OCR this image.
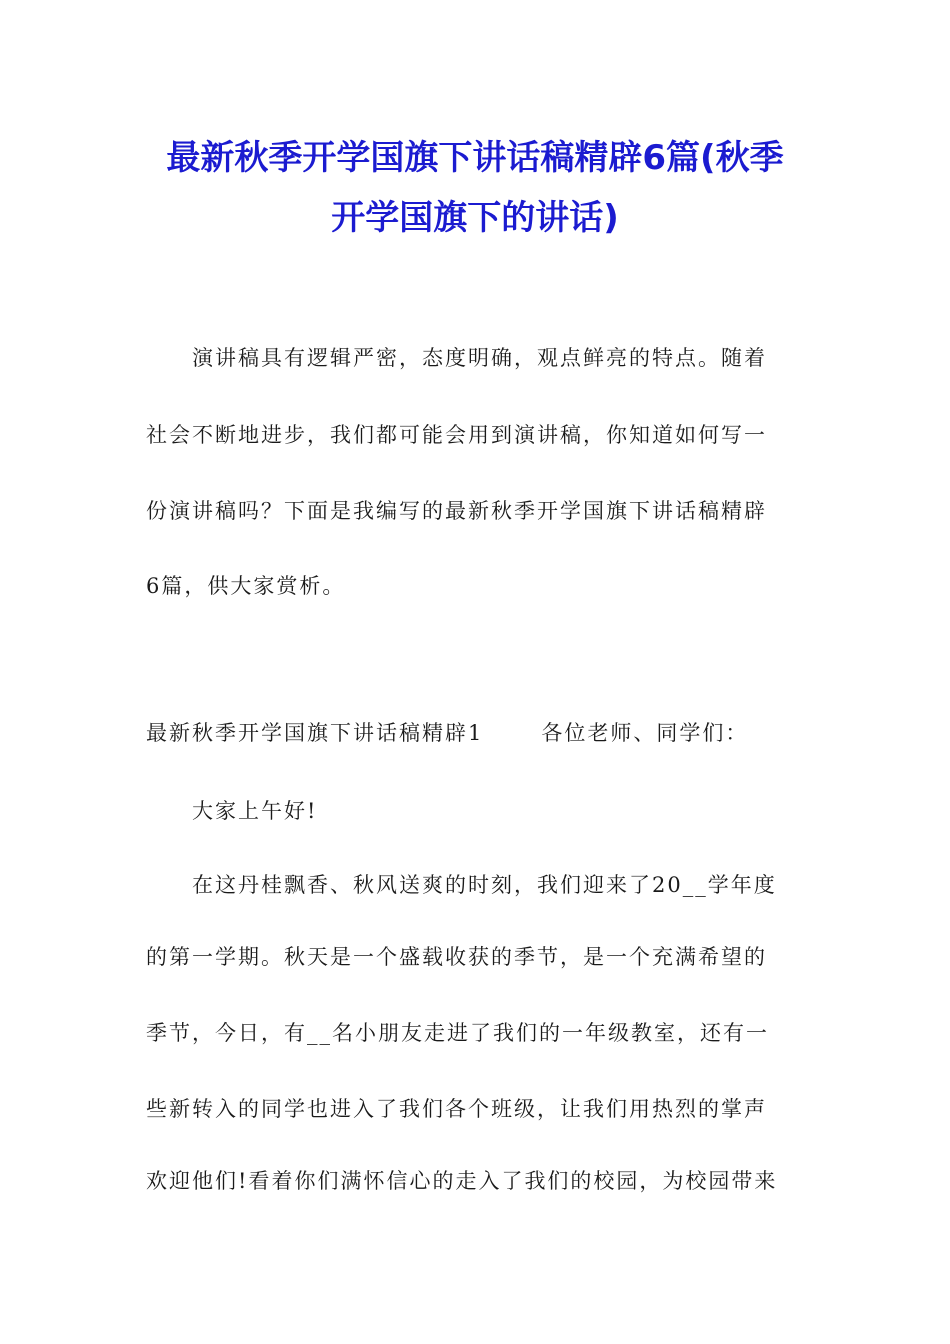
最新秋季开学国旗下讲话稿精辟6篇(秋季
开学国旗下的讲话)
演讲稿具有逻辑严密，态度明确，观点鲜亮的特点。随着
社会不断地进步，我们都可能会用到演讲稿，你知道如何写一
份演讲稿吗？下面是我编写的最新秋季开学国旗下讲话稿精辟
6篇，供大家赏析。
最新秋季开学国旗下讲话稿精辟1	各位老师、同学们：
大家上午好!
在这丹桂飘香、秋风送爽的时刻，我们迎来了20__学年度
的第一学期。秋天是一个盛载收获的季节，是一个充满希望的
季节，今日，有__名小朋友走进了我们的一年级教室，还有一
些新转入的同学也进入了我们各个班级，让我们用热烈的掌声
欢迎他们!看着你们满怀信心的走入了我们的校园，为校园带来
